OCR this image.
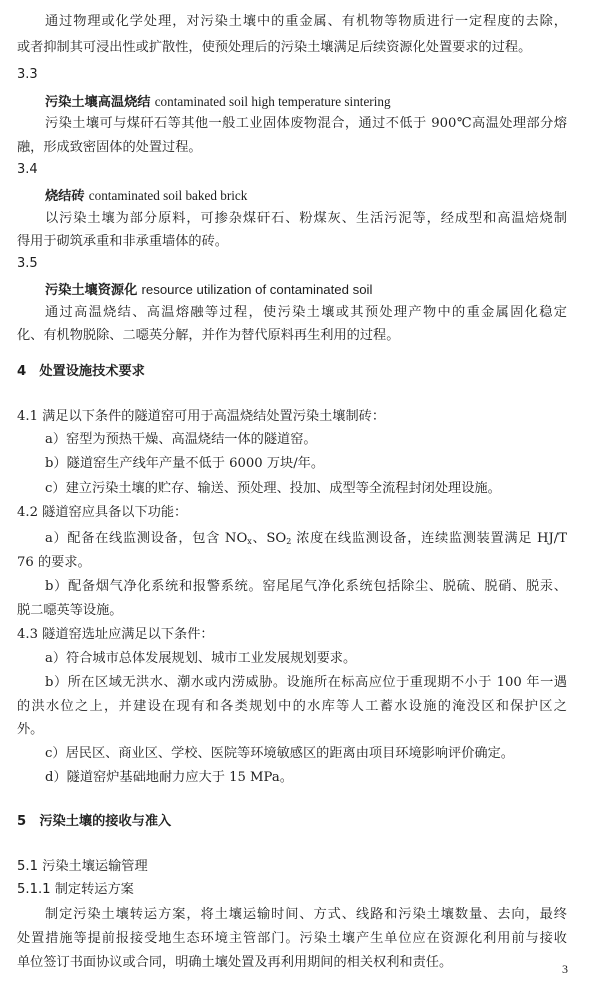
通过物理或化学处理，对污染土壤中的重金属、有机物等物质进行一定程度的去除，
或者抑制其可浸出性或扩散性，使预处理后的污染土壤满足后续资源化处置要求的过程。
3.3
污染土壤高温烧结 contaminated soil high temperature sintering
污染土壤可与煤矸石等其他一般工业固体废物混合，通过不低于 900℃高温处理部分熔
融，形成致密固体的处置过程。
3.4
烧结砖 contaminated soil baked brick
以污染土壤为部分原料，可掺杂煤矸石、粉煤灰、生活污泥等，经成型和高温焙烧制
得用于砌筑承重和非承重墙体的砖。
3.5
污染土壤资源化 resource utilization of contaminated soil
通过高温烧结、高温熔融等过程，使污染土壤或其预处理产物中的重金属固化稳定
化、有机物脱除、二噁英分解，并作为替代原料再生利用的过程。
4　处置设施技术要求
4.1 满足以下条件的隧道窑可用于高温烧结处置污染土壤制砖：
a）窑型为预热干燥、高温烧结一体的隧道窑。
b）隧道窑生产线年产量不低于 6000 万块/年。
c）建立污染土壤的贮存、输送、预处理、投加、成型等全流程封闭处理设施。
4.2 隧道窑应具备以下功能：
a）配备在线监测设备，包含 $NO_x$、$SO_2$ 浓度在线监测设备，连续监测装置满足 HJ/T
76 的要求。
b）配备烟气净化系统和报警系统。窑尾尾气净化系统包括除尘、脱硫、脱硝、脱汞、
脱二噁英等设施。
4.3 隧道窑选址应满足以下条件：
a）符合城市总体发展规划、城市工业发展规划要求。
b）所在区域无洪水、潮水或内涝威胁。设施所在标高应位于重现期不小于 100 年一遇
的洪水位之上，并建设在现有和各类规划中的水库等人工蓄水设施的淹没区和保护区之
外。
c）居民区、商业区、学校、医院等环境敏感区的距离由项目环境影响评价确定。
d）隧道窑炉基础地耐力应大于 15 MPa。
5　污染土壤的接收与准入
5.1 污染土壤运输管理
5.1.1 制定转运方案
制定污染土壤转运方案，将土壤运输时间、方式、线路和污染土壤数量、去向，最终
处置措施等提前报接受地生态环境主管部门。污染土壤产生单位应在资源化利用前与接收
单位签订书面协议或合同，明确土壤处置及再利用期间的相关权利和责任。	3
